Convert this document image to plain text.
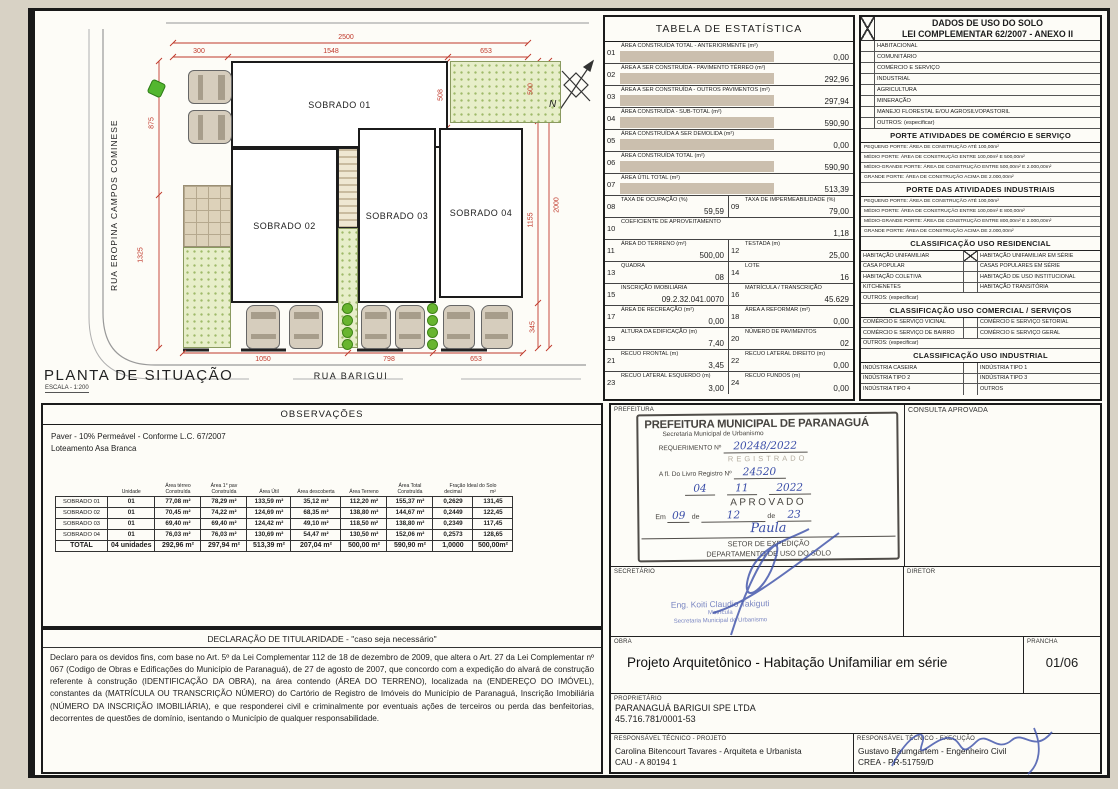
SOBRADO 01
SOBRADO 02
SOBRADO 03 SOBRADO 04
2500
300	1548	653
1050	798	653
875
1325
500
1155
345
2000
508
RUA EROPINA CAMPOS COMINESE
RUA BARIGUI
N
PLANTA DE SITUAÇÃO
ESCALA - 1:200
TABELA DE ESTATÍSTICA
01
ÁREA CONSTRUÍDA TOTAL - ANTERIORMENTE (m²)
0,00
02
ÁREA A SER CONSTRUÍDA - PAVIMENTO TÉRREO (m²)
292,96
03
ÁREA A SER CONSTRUÍDA - OUTROS PAVIMENTOS (m²)
297,94
04
ÁREA CONSTRUÍDA - SUB-TOTAL (m²)
590,90
05
ÁREA CONSTRUÍDA A SER DEMOLIDA (m²)
0,00
06
ÁREA CONSTRUÍDA TOTAL (m²)
590,90
07
ÁREA ÚTIL TOTAL (m²)
513,39
08
TAXA DE OCUPAÇÃO (%)
59,59
09
TAXA DE IMPERMEABILIDADE (%)
79,00
10
COEFICIENTE DE APROVEITAMENTO
1,18
11
ÁREA DO TERRENO (m²)
500,00
12
TESTADA (m)
25,00
13
QUADRA
08
14
LOTE
16
15
INSCRIÇÃO IMOBILIÁRIA
09.2.32.041.0070
16
MATRÍCULA / TRANSCRIÇÃO
45.629
17
ÁREA DE RECREAÇÃO (m²)
0,00
18
ÁREA A REFORMAR (m²)
0,00
19
ALTURA DA EDIFICAÇÃO (m)
7,40
20
NÚMERO DE PAVIMENTOS
02
21
RECUO FRONTAL (m)
3,45
22
RECUO LATERAL DIREITO (m)
0,00
23
RECUO LATERAL ESQUERDO (m)
3,00
24
RECUO FUNDOS (m)
0,00
DADOS DE USO DO SOLO
LEI COMPLEMENTAR 62/2007 - ANEXO II
HABITACIONAL
COMUNITÁRIO
COMÉRCIO E SERVIÇO
INDUSTRIAL
AGRICULTURA
MINERAÇÃO
MANEJO FLORESTAL E/OU AGROSILVOPASTORIL
OUTROS: (especificar)
PORTE ATIVIDADES DE COMÉRCIO E SERVIÇO
PEQUENO PORTE: ÁREA DE CONSTRUÇÃO ATÉ 100,00m²
MÉDIO PORTE: ÁREA DE CONSTRUÇÃO ENTRE 100,00m² E 500,00m²
MÉDIO-GRANDE PORTE: ÁREA DE CONSTRUÇÃO ENTRE 500,00m² E 2.000,00m²
GRANDE PORTE: ÁREA DE CONSTRUÇÃO ACIMA DE 2.000,00m²
PORTE DAS ATIVIDADES INDUSTRIAIS
PEQUENO PORTE: ÁREA DE CONSTRUÇÃO ATÉ 100,00m²
MÉDIO PORTE: ÁREA DE CONSTRUÇÃO ENTRE 100,00m² E 800,00m²
MÉDIO-GRANDE PORTE: ÁREA DE CONSTRUÇÃO ENTRE 800,00m² E 2.000,00m²
GRANDE PORTE: ÁREA DE CONSTRUÇÃO ACIMA DE 2.000,00m²
CLASSIFICAÇÃO USO RESIDENCIAL
HABITAÇÃO UNIFAMILIAR	HABITAÇÃO UNIFAMILIAR EM SÉRIE
CASA POPULAR	CASAS POPULARES EM SÉRIE
HABITAÇÃO COLETIVA	HABITAÇÃO DE USO INSTITUCIONAL
KITCHENETES	HABITAÇÃO TRANSITÓRIA
OUTROS: (especificar)
CLASSIFICAÇÃO USO COMERCIAL / SERVIÇOS
COMÉRCIO E SERVIÇO VICINAL	COMÉRCIO E SERVIÇO SETORIAL
COMÉRCIO E SERVIÇO DE BAIRRO	COMÉRCIO E SERVIÇO GERAL
OUTROS: (especificar)
CLASSIFICAÇÃO USO INDUSTRIAL
INDÚSTRIA CASEIRA	INDÚSTRIA TIPO 1
INDÚSTRIA TIPO 2	INDÚSTRIA TIPO 3
INDÚSTRIA TIPO 4	OUTROS
OBSERVAÇÕES
Paver - 10% Permeável - Conforme L.C. 67/2007
Loteamento Asa Branca
	Unidade	Área térreo Construída	Área 1° pav Construída	Área Útil	Área descoberta	Área Terreno	Área Total Construída	Fração Ideal do Solo	
								decimal	m²
SOBRADO 01	01	77,08 m²	78,29 m²	133,59 m²	35,12 m²	112,20 m²	155,37 m²	0,2629	131,45
SOBRADO 02	01	70,45 m²	74,22 m²	124,69 m²	68,35 m²	138,80 m²	144,67 m²	0,2449	122,45
SOBRADO 03	01	69,40 m²	69,40 m²	124,42 m²	49,10 m²	118,50 m²	138,80 m²	0,2349	117,45
SOBRADO 04	01	76,03 m²	76,03 m²	130,69 m²	54,47 m²	130,50 m²	152,06 m²	0,2573	128,65
TOTAL	04 unidades	292,96 m²	297,94 m²	513,39 m²	207,04 m²	500,00 m²	590,90 m²	1,0000	500,00m²
DECLARAÇÃO DE TITULARIDADE - "caso seja necessário"
Declaro para os devidos fins, com base no Art. 5º da Lei Complementar 112 de 18 de dezembro de 2009, que altera o Art. 27 da Lei Complementar nº 067 (Codigo de Obras e Edificações do Município de Paranaguá), de 27 de agosto de 2007, que concordo com a expedição do alvará de construção referente à construção (IDENTIFICAÇÃO DA OBRA), na área contendo (ÁREA DO TERRENO), localizada na (ENDEREÇO DO IMÓVEL), constantes da (MATRÍCULA OU TRANSCRIÇÃO NÚMERO) do Cartório de Registro de Imóveis do Município de Paranaguá, Inscrição Imobiliária (NÚMERO DA INSCRIÇÃO IMOBILIÁRIA), e que responderei civil e criminalmente por eventuais ações de terceiros ou perda das benfeitorias, decorrentes de questões de domínio, isentando o Município de qualquer responsabilidade.
PREFEITURA
PREFEITURA MUNICIPAL DE PARANAGUÁ
Secretaria Municipal de Urbanismo
REQUERIMENTO Nº 20248/2022
REGISTRADO
A fl. Do Livro Registro Nº 24520
04	11	2022
APROVADO
Em 09 de	12	de 23
Paula
SETOR DE EXPEDIÇÃO
DEPARTAMENTO DE USO DO SOLO
CONSULTA APROVADA
SECRETÁRIO
Eng. Koiti Claudio Takiguti
Matrícula
Secretaria Municipal de Urbanismo
DIRETOR
OBRA
Projeto Arquitetônico - Habitação Unifamiliar em série
PRANCHA
01/06
PROPRIETÁRIO
PARANAGUÁ BARIGUI SPE LTDA
45.716.781/0001-53
RESPONSÁVEL TÉCNICO - PROJETO
Carolina Bitencourt Tavares - Arquiteta e Urbanista
CAU - A 80194 1
RESPONSÁVEL TÉCNICO - EXECUÇÃO
Gustavo Baumgartem - Engenheiro Civil
CREA - PR-51759/D
